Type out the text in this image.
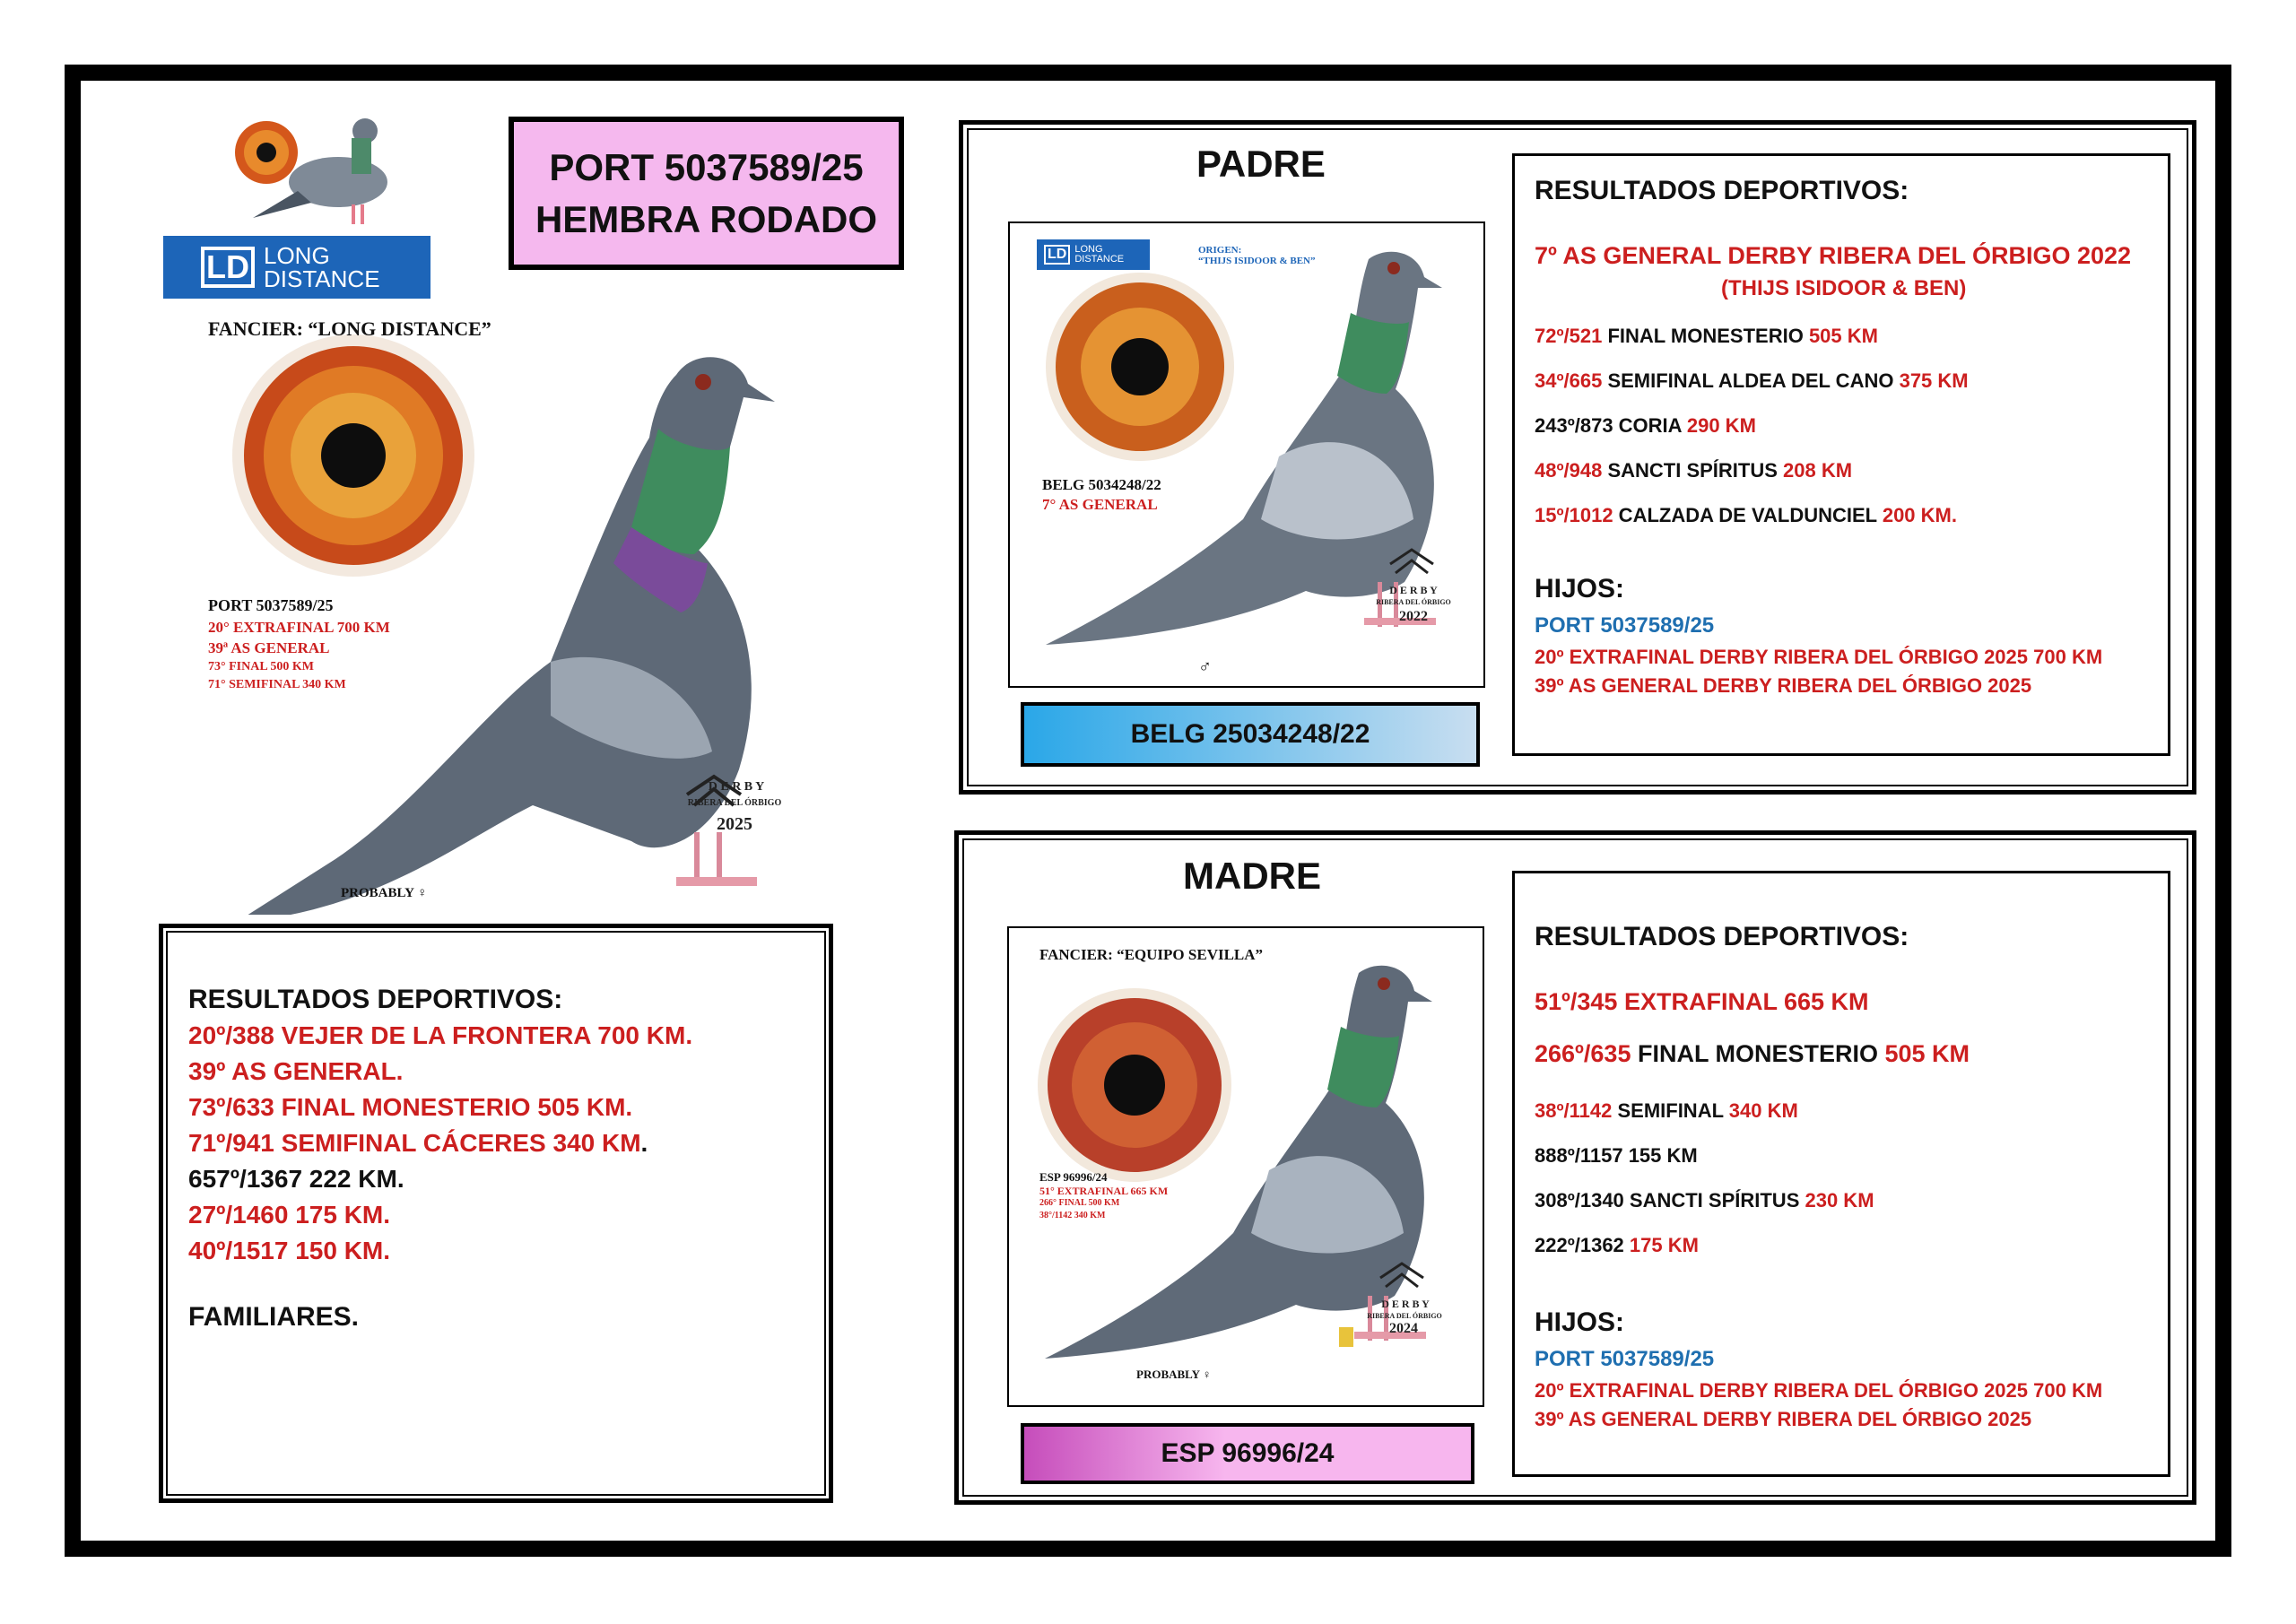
LD LONG
DISTANCE
PORT 5037589/25
HEMBRA RODADO
FANCIER: “LONG DISTANCE”
PORT 5037589/25
20° EXTRAFINAL 700 KM
39ª AS GENERAL
73° FINAL 500 KM
71° SEMIFINAL 340 KM
D E R B Y
RIBERA DEL ÓRBIGO
2025
PROBABLY ♀
RESULTADOS DEPORTIVOS:
20º/388 VEJER DE LA FRONTERA 700 KM.
39º AS GENERAL.
73º/633 FINAL MONESTERIO 505 KM.
71º/941 SEMIFINAL CÁCERES 340 KM.
657º/1367 222 KM.
27º/1460 175 KM.
40º/1517 150 KM.
FAMILIARES.
PADRE
LD LONG
DISTANCE
ORIGEN:
“THIJS ISIDOOR & BEN”
BELG 5034248/22
7° AS GENERAL
D E R B Y
RIBERA DEL ÓRBIGO
2022
♂
BELG 25034248/22
RESULTADOS DEPORTIVOS:
7º AS GENERAL DERBY RIBERA DEL ÓRBIGO 2022
(THIJS ISIDOOR & BEN)
72º/521 FINAL MONESTERIO 505 KM
34º/665 SEMIFINAL ALDEA DEL CANO 375 KM
243º/873 CORIA 290 KM
48º/948 SANCTI SPÍRITUS 208 KM
15º/1012 CALZADA DE VALDUNCIEL 200 KM.
HIJOS:
PORT 5037589/25
20º EXTRAFINAL DERBY RIBERA DEL ÓRBIGO 2025 700 KM
39º AS GENERAL DERBY RIBERA DEL ÓRBIGO 2025
MADRE
FANCIER: “EQUIPO SEVILLA”
ESP 96996/24
51° EXTRAFINAL 665 KM
266° FINAL 500 KM
38°/1142 340 KM
D E R B Y
RIBERA DEL ÓRBIGO
2024
PROBABLY ♀
ESP 96996/24
RESULTADOS DEPORTIVOS:
51º/345 EXTRAFINAL 665 KM
266º/635 FINAL MONESTERIO 505 KM
38º/1142 SEMIFINAL 340 KM
888º/1157 155 KM
308º/1340 SANCTI SPÍRITUS 230 KM
222º/1362 175 KM
HIJOS:
PORT 5037589/25
20º EXTRAFINAL DERBY RIBERA DEL ÓRBIGO 2025 700 KM
39º AS GENERAL DERBY RIBERA DEL ÓRBIGO 2025
